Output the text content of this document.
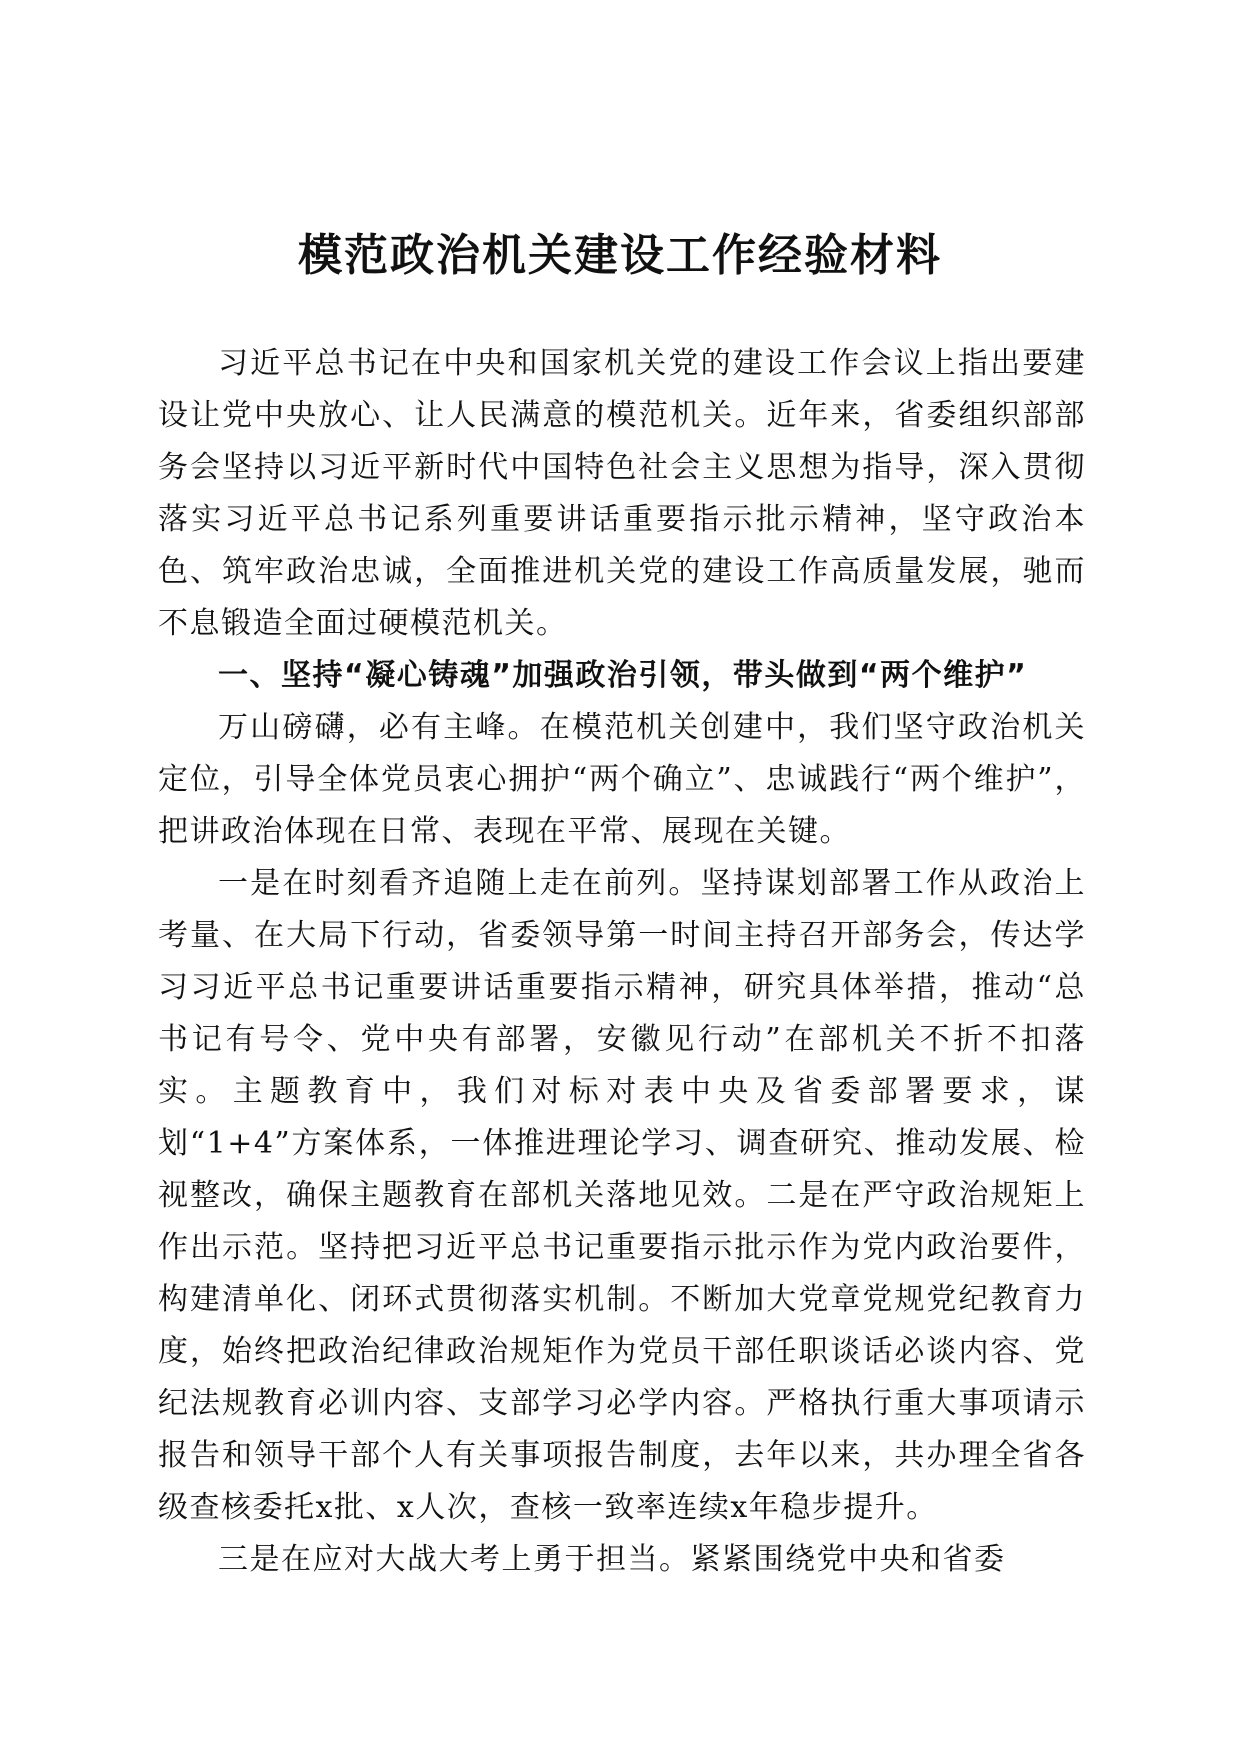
模范政治机关建设工作经验材料

习近平总书记在中央和国家机关党的建设工作会议上指出要建设让党中央放心、让人民满意的模范机关。近年来，省委组织部部务会坚持以习近平新时代中国特色社会主义思想为指导，深入贯彻落实习近平总书记系列重要讲话重要指示批示精神，坚守政治本色、筑牢政治忠诚，全面推进机关党的建设工作高质量发展，驰而不息锻造全面过硬模范机关。

一、坚持“凝心铸魂”加强政治引领，带头做到“两个维护”

万山磅礴，必有主峰。在模范机关创建中，我们坚守政治机关定位，引导全体党员衷心拥护“两个确立”、忠诚践行“两个维护”，把讲政治体现在日常、表现在平常、展现在关键。

一是在时刻看齐追随上走在前列。坚持谋划部署工作从政治上考量、在大局下行动，省委领导第一时间主持召开部务会，传达学习习近平总书记重要讲话重要指示精神，研究具体举措，推动“总书记有号令、党中央有部署，安徽见行动”在部机关不折不扣落实。主题教育中，我们对标对表中央及省委部署要求，谋划“1+4”方案体系，一体推进理论学习、调查研究、推动发展、检视整改，确保主题教育在部机关落地见效。二是在严守政治规矩上作出示范。坚持把习近平总书记重要指示批示作为党内政治要件，构建清单化、闭环式贯彻落实机制。不断加大党章党规党纪教育力度，始终把政治纪律政治规矩作为党员干部任职谈话必谈内容、党纪法规教育必训内容、支部学习必学内容。严格执行重大事项请示报告和领导干部个人有关事项报告制度，去年以来，共办理全省各级查核委托x批、x人次，查核一致率连续x年稳步提升。

三是在应对大战大考上勇于担当。紧紧围绕党中央和省委
